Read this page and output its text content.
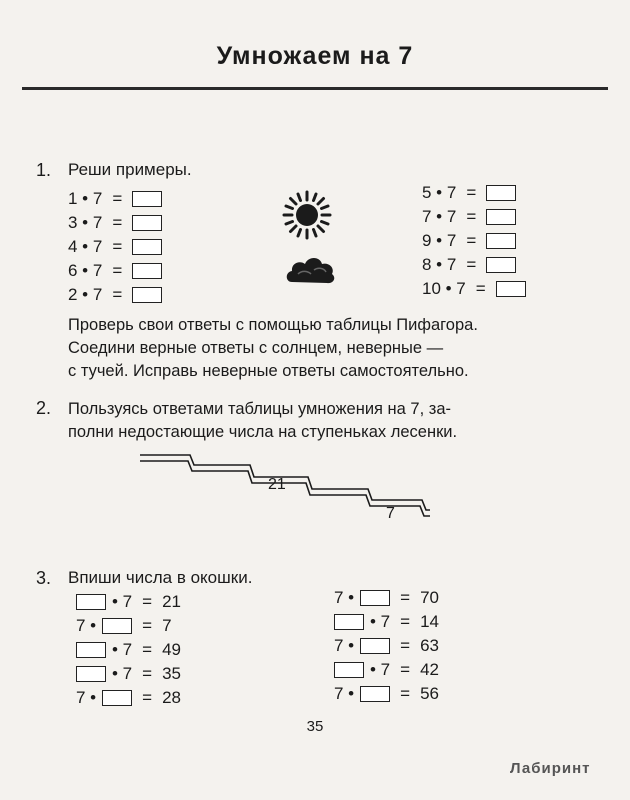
Умножаем на 7
1. Реши примеры.
1 • 7 =
3 • 7 =
4 • 7 =
6 • 7 =
2 • 7 =
5 • 7 =
7 • 7 =
9 • 7 =
8 • 7 =
10 • 7 =
Проверь свои ответы с помощью таблицы Пифагора.
Соедини верные ответы с солнцем, неверные —
с тучей. Исправь неверные ответы самостоятельно.
2. Пользуясь ответами таблицы умножения на 7, за-
полни недостающие числа на ступеньках лесенки.
21
7
3. Впиши числа в окошки.
• 7 = 21
7 •	= 7
• 7 = 49
• 7 = 35
7 •	= 28
7 •	= 70
• 7 = 14
7 •	= 63
• 7 = 42
7 •	= 56
35
Лабиринт
